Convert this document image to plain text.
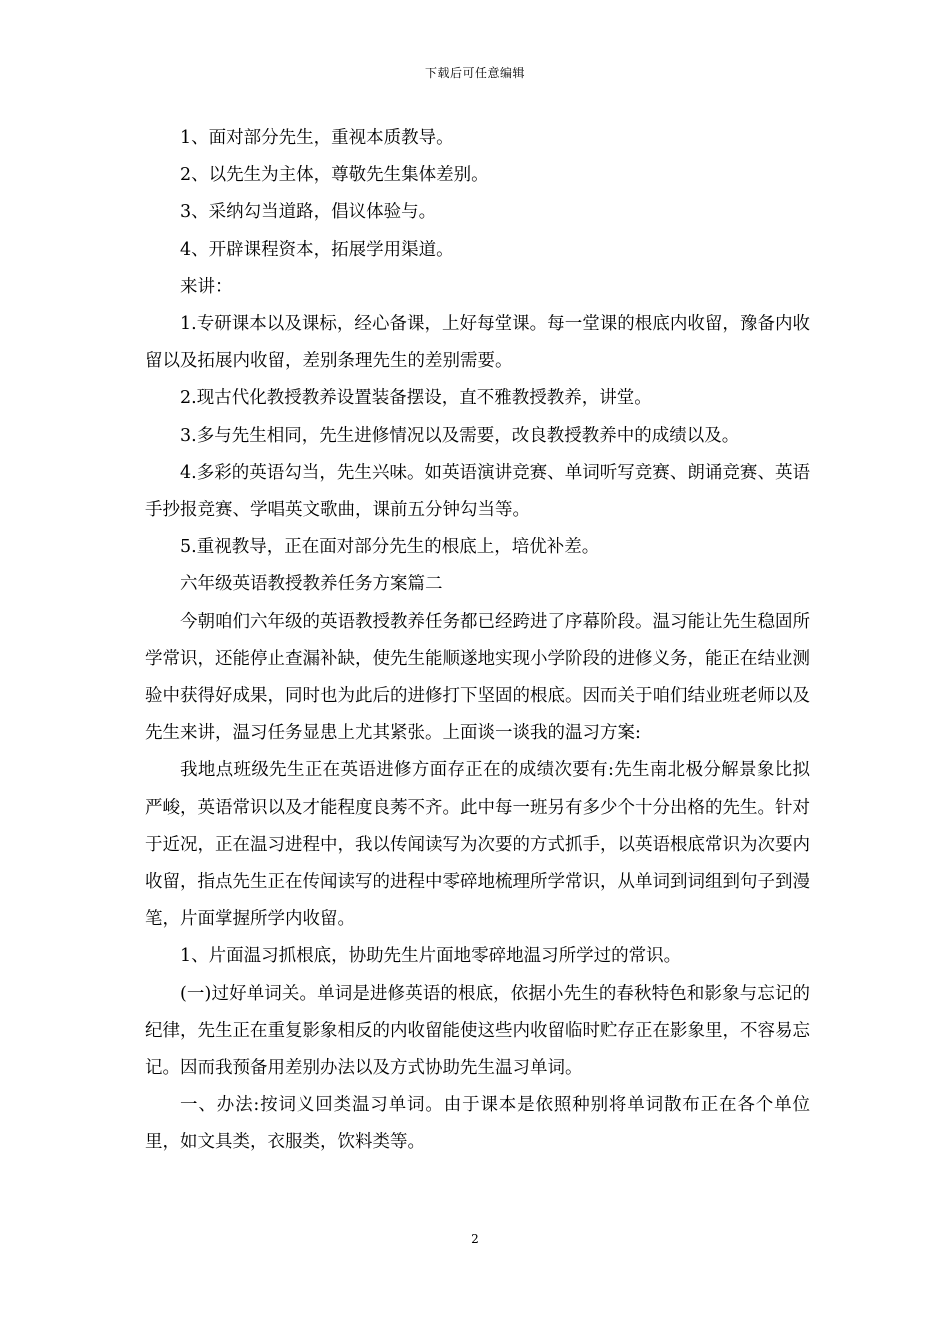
下载后可任意编辑

1、面对部分先生，重视本质教导。

2、以先生为主体，尊敬先生集体差别。

3、采纳勾当道路，倡议体验与。

4、开辟课程资本，拓展学用渠道。

来讲：

1.专研课本以及课标，经心备课，上好每堂课。每一堂课的根底内收留，豫备内收留以及拓展内收留，差别条理先生的差别需要。

2.现古代化教授教养设置装备摆设，直不雅教授教养，讲堂。

3.多与先生相同，先生进修情况以及需要，改良教授教养中的成绩以及。

4.多彩的英语勾当，先生兴味。如英语演讲竞赛、单词听写竞赛、朗诵竞赛、英语手抄报竞赛、学唱英文歌曲，课前五分钟勾当等。

5.重视教导，正在面对部分先生的根底上，培优补差。

六年级英语教授教养任务方案篇二

今朝咱们六年级的英语教授教养任务都已经跨进了序幕阶段。温习能让先生稳固所学常识，还能停止查漏补缺，使先生能顺遂地实现小学阶段的进修义务，能正在结业测验中获得好成果，同时也为此后的进修打下坚固的根底。因而关于咱们结业班老师以及先生来讲，温习任务显患上尤其紧张。上面谈一谈我的温习方案:

我地点班级先生正在英语进修方面存正在的成绩次要有:先生南北极分解景象比拟严峻，英语常识以及才能程度良莠不齐。此中每一班另有多少个十分出格的先生。针对于近况，正在温习进程中，我以传闻读写为次要的方式抓手，以英语根底常识为次要内收留，指点先生正在传闻读写的进程中零碎地梳理所学常识，从单词到词组到句子到漫笔，片面掌握所学内收留。

1、片面温习抓根底，协助先生片面地零碎地温习所学过的常识。

(一)过好单词关。单词是进修英语的根底，依据小先生的春秋特色和影象与忘记的纪律，先生正在重复影象相反的内收留能使这些内收留临时贮存正在影象里，不容易忘记。因而我预备用差别办法以及方式协助先生温习单词。

一、办法:按词义回类温习单词。由于课本是依照种别将单词散布正在各个单位里，如文具类，衣服类，饮料类等。

2
